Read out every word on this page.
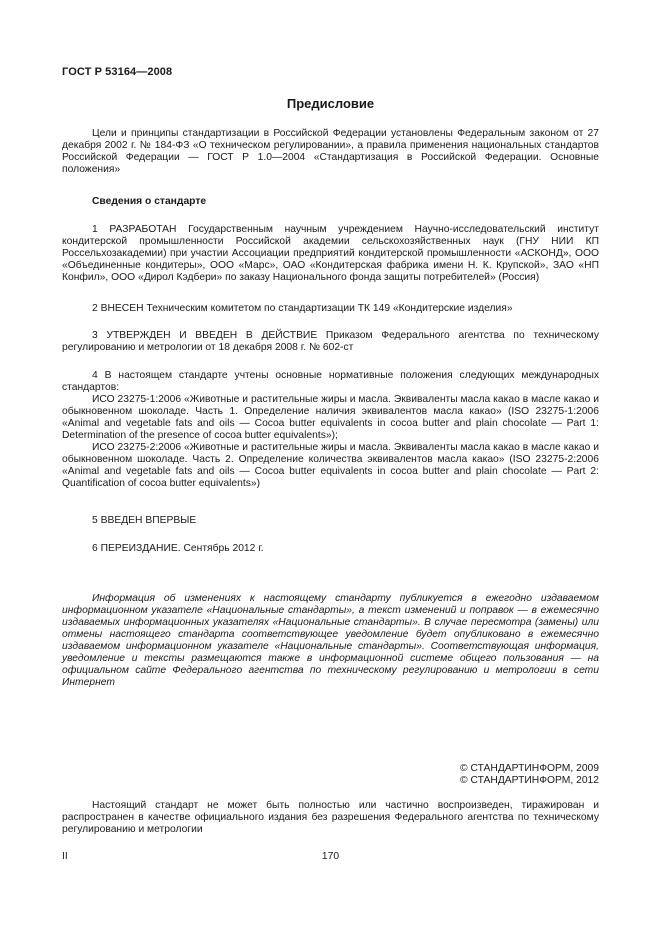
ГОСТ Р 53164—2008
Предисловие

Цели и принципы стандартизации в Российской Федерации установлены Федеральным законом от 27 декабря 2002 г. № 184-ФЗ «О техническом регулировании», а правила применения национальных стандартов Российской Федерации — ГОСТ Р 1.0—2004 «Стандартизация в Российской Федерации. Основные положения»

Сведения о стандарте

1 РАЗРАБОТАН Государственным научным учреждением Научно-исследовательский институт кондитерской промышленности Российской академии сельскохозяйственных наук (ГНУ НИИ КП Россельхозакадемии) при участии Ассоциации предприятий кондитерской промышленности «АСКОНД», ООО «Объединенные кондитеры», ООО «Марс», ОАО «Кондитерская фабрика имени Н. К. Крупской», ЗАО «НП Конфил», ООО «Дирол Кэдбери» по заказу Национального фонда защиты потребителей» (Россия)

2 ВНЕСЕН Техническим комитетом по стандартизации ТК 149 «Кондитерские изделия»

3 УТВЕРЖДЕН И ВВЕДЕН В ДЕЙСТВИЕ Приказом Федерального агентства по техническому регулированию и метрологии от 18 декабря 2008 г. № 602-ст

4 В настоящем стандарте учтены основные нормативные положения следующих международных стандартов:

ИСО 23275-1:2006 «Животные и растительные жиры и масла. Эквиваленты масла какао в масле какао и обыкновенном шоколаде. Часть 1. Определение наличия эквивалентов масла какао» (ISO 23275-1:2006 «Animal and vegetable fats and oils — Cocoa butter equivalents in cocoa butter and plain chocolate — Part 1: Determination of the presence of cocoa butter equivalents»);

ИСО 23275-2:2006 «Животные и растительные жиры и масла. Эквиваленты масла какао в масле какао и обыкновенном шоколаде. Часть 2. Определение количества эквивалентов масла какао» (ISO 23275-2:2006 «Animal and vegetable fats and oils — Cocoa butter equivalents in cocoa butter and plain chocolate — Part 2: Quantification of cocoa butter equivalents»)

5 ВВЕДЕН ВПЕРВЫЕ
6 ПЕРЕИЗДАНИЕ. Сентябрь 2012 г.

Информация об изменениях к настоящему стандарту публикуется в ежегодно издаваемом информационном указателе «Национальные стандарты», а текст изменений и поправок — в ежемесячно издаваемых информационных указателях «Национальные стандарты». В случае пересмотра (замены) или отмены настоящего стандарта соответствующее уведомление будет опубликовано в ежемесячно издаваемом информационном указателе «Национальные стандарты». Соответствующая информация, уведомление и тексты размещаются также в информационной системе общего пользования — на официальном сайте Федерального агентства по техническому регулированию и метрологии в сети Интернет

© СТАНДАРТИНФОРМ, 2009
© СТАНДАРТИНФОРМ, 2012

Настоящий стандарт не может быть полностью или частично воспроизведен, тиражирован и распространен в качестве официального издания без разрешения Федерального агентства по техническому регулированию и метрологии

II	170
